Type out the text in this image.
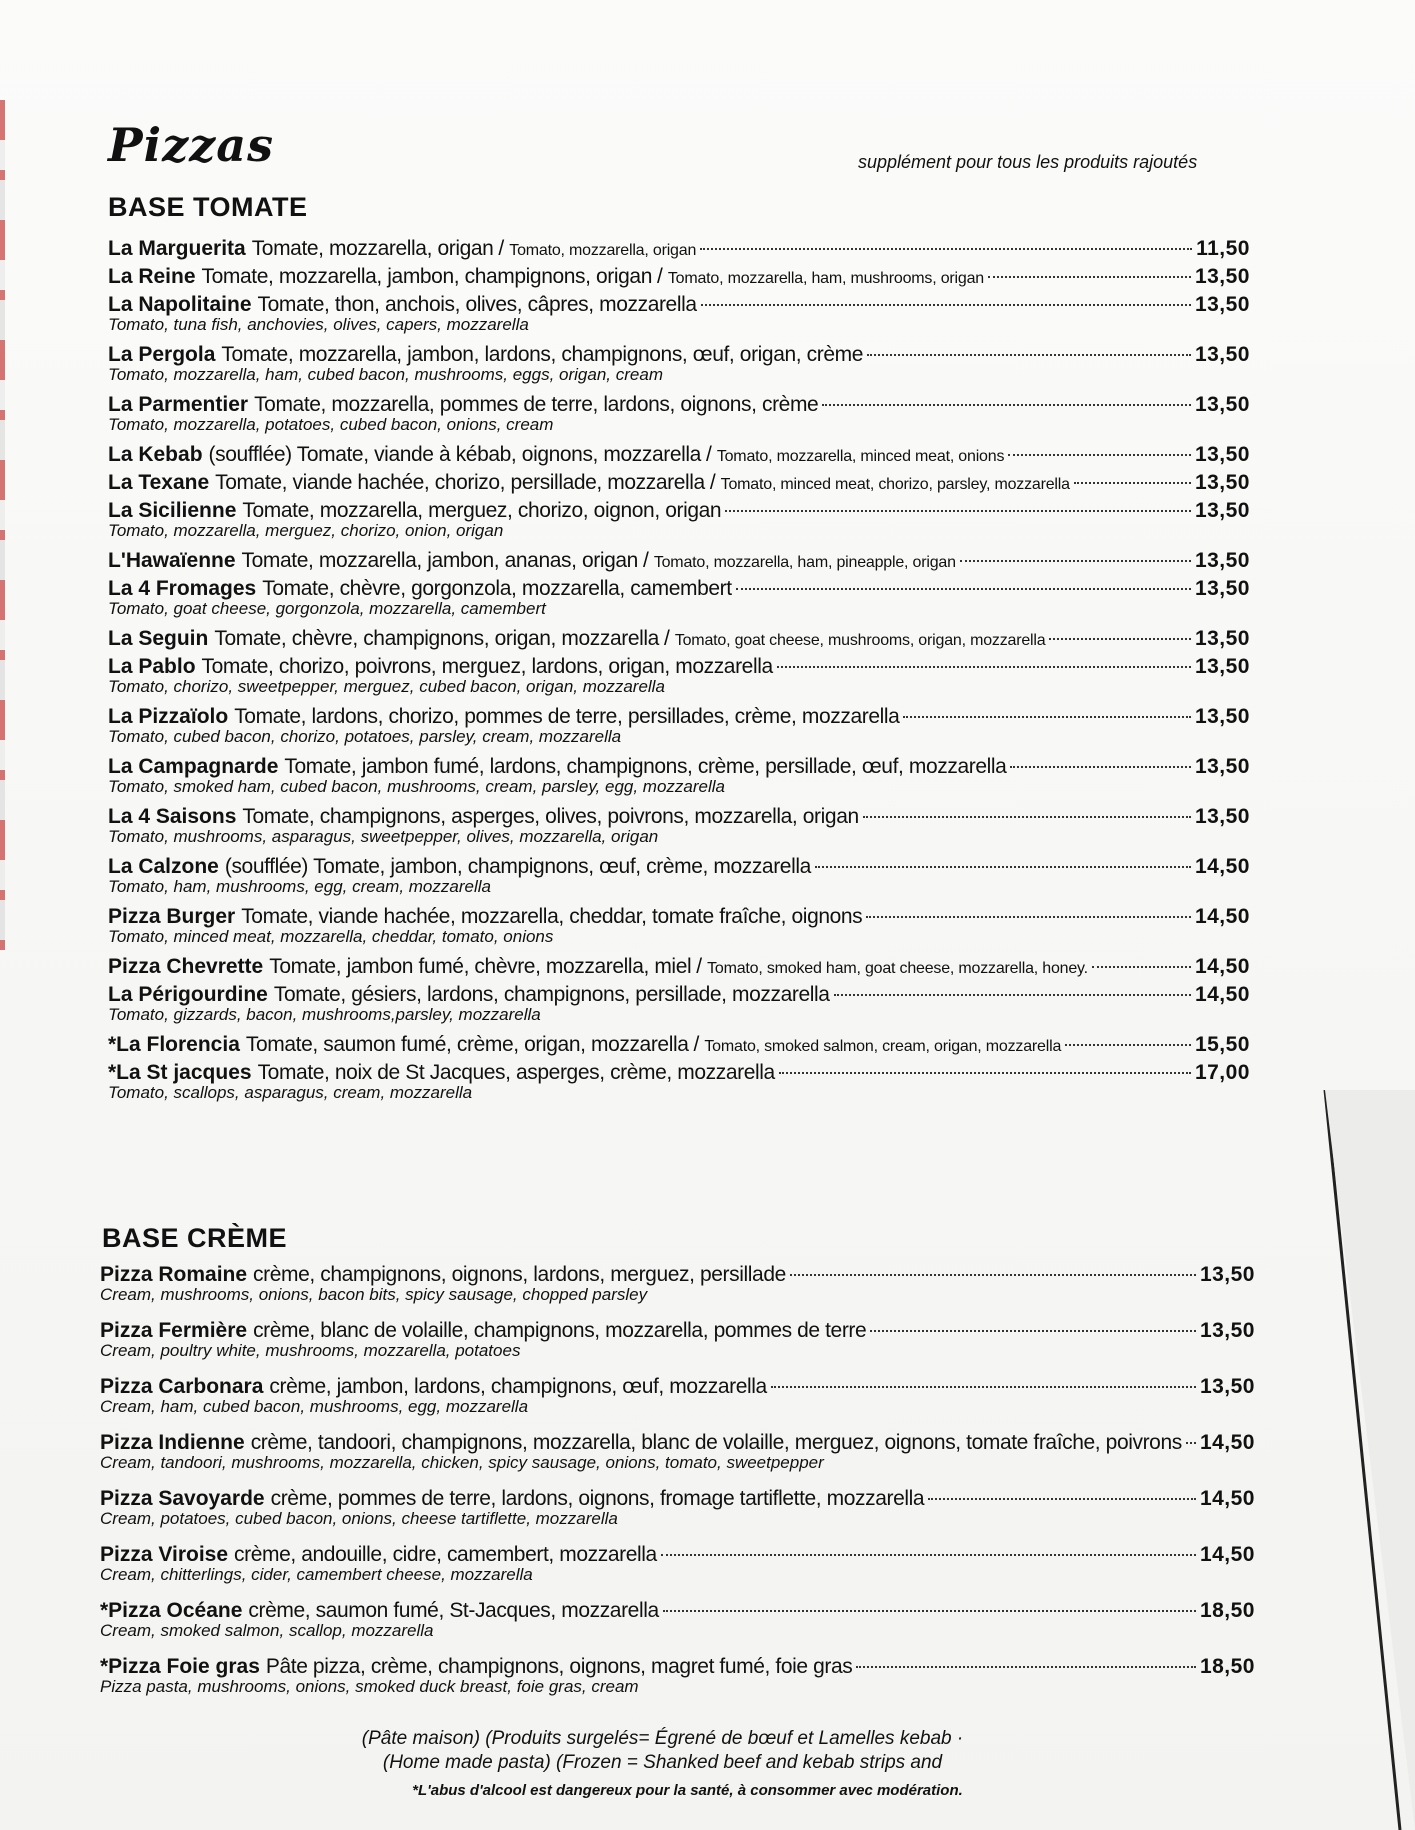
Pizzas	supplément pour tous les produits rajoutés
BASE TOMATE
La Marguerita Tomate, mozzarella, origan / Tomato, mozzarella, origan	11,50
La Reine Tomate, mozzarella, jambon, champignons, origan / Tomato, mozzarella, ham, mushrooms, origan	13,50
La Napolitaine Tomate, thon, anchois, olives, câpres, mozzarella	13,50
Tomato, tuna fish, anchovies, olives, capers, mozzarella
La Pergola Tomate, mozzarella, jambon, lardons, champignons, œuf, origan, crème	13,50
Tomato, mozzarella, ham, cubed bacon, mushrooms, eggs, origan, cream
La Parmentier Tomate, mozzarella, pommes de terre, lardons, oignons, crème	13,50
Tomato, mozzarella, potatoes, cubed bacon, onions, cream
La Kebab (soufflée) Tomate, viande à kébab, oignons, mozzarella / Tomato, mozzarella, minced meat, onions	13,50
La Texane Tomate, viande hachée, chorizo, persillade, mozzarella / Tomato, minced meat, chorizo, parsley, mozzarella	13,50
La Sicilienne Tomate, mozzarella, merguez, chorizo, oignon, origan	13,50
Tomato, mozzarella, merguez, chorizo, onion, origan
L'Hawaïenne Tomate, mozzarella, jambon, ananas, origan / Tomato, mozzarella, ham, pineapple, origan	13,50
La 4 Fromages Tomate, chèvre, gorgonzola, mozzarella, camembert	13,50
Tomato, goat cheese, gorgonzola, mozzarella, camembert
La Seguin Tomate, chèvre, champignons, origan, mozzarella / Tomato, goat cheese, mushrooms, origan, mozzarella	13,50
La Pablo Tomate, chorizo, poivrons, merguez, lardons, origan, mozzarella	13,50
Tomato, chorizo, sweetpepper, merguez, cubed bacon, origan, mozzarella
La Pizzaïolo Tomate, lardons, chorizo, pommes de terre, persillades, crème, mozzarella	13,50
Tomato, cubed bacon, chorizo, potatoes, parsley, cream, mozzarella
La Campagnarde Tomate, jambon fumé, lardons, champignons, crème, persillade, œuf, mozzarella	13,50
Tomato, smoked ham, cubed bacon, mushrooms, cream, parsley, egg, mozzarella
La 4 Saisons Tomate, champignons, asperges, olives, poivrons, mozzarella, origan	13,50
Tomato, mushrooms, asparagus, sweetpepper, olives, mozzarella, origan
La Calzone (soufflée) Tomate, jambon, champignons, œuf, crème, mozzarella	14,50
Tomato, ham, mushrooms, egg, cream, mozzarella
Pizza Burger Tomate, viande hachée, mozzarella, cheddar, tomate fraîche, oignons	14,50
Tomato, minced meat, mozzarella, cheddar, tomato, onions
Pizza Chevrette Tomate, jambon fumé, chèvre, mozzarella, miel / Tomato, smoked ham, goat cheese, mozzarella, honey.	14,50
La Périgourdine Tomate, gésiers, lardons, champignons, persillade, mozzarella	14,50
Tomato, gizzards, bacon, mushrooms,parsley, mozzarella
*La Florencia Tomate, saumon fumé, crème, origan, mozzarella / Tomato, smoked salmon, cream, origan, mozzarella	15,50
*La St jacques Tomate, noix de St Jacques, asperges, crème, mozzarella	17,00
Tomato, scallops, asparagus, cream, mozzarella
BASE CRÈME
Pizza Romaine crème, champignons, oignons, lardons, merguez, persillade	13,50
Cream, mushrooms, onions, bacon bits, spicy sausage, chopped parsley
Pizza Fermière crème, blanc de volaille, champignons, mozzarella, pommes de terre	13,50
Cream, poultry white, mushrooms, mozzarella, potatoes
Pizza Carbonara crème, jambon, lardons, champignons, œuf, mozzarella	13,50
Cream, ham, cubed bacon, mushrooms, egg, mozzarella
Pizza Indienne crème, tandoori, champignons, mozzarella, blanc de volaille, merguez, oignons, tomate fraîche, poivrons 14,50
Cream, tandoori, mushrooms, mozzarella, chicken, spicy sausage, onions, tomato, sweetpepper
Pizza Savoyarde crème, pommes de terre, lardons, oignons, fromage tartiflette, mozzarella	14,50
Cream, potatoes, cubed bacon, onions, cheese tartiflette, mozzarella
Pizza Viroise crème, andouille, cidre, camembert, mozzarella	14,50
Cream, chitterlings, cider, camembert cheese, mozzarella
*Pizza Océane crème, saumon fumé, St-Jacques, mozzarella	18,50
Cream, smoked salmon, scallop, mozzarella
*Pizza Foie gras Pâte pizza, crème, champignons, oignons, magret fumé, foie gras	18,50
Pizza pasta, mushrooms, onions, smoked duck breast, foie gras, cream
(Pâte maison) (Produits surgelés= Égrené de bœuf et Lamelles kebab ·
(Home made pasta) (Frozen = Shanked beef and kebab strips and
*L'abus d'alcool est dangereux pour la santé, à consommer avec modération.
